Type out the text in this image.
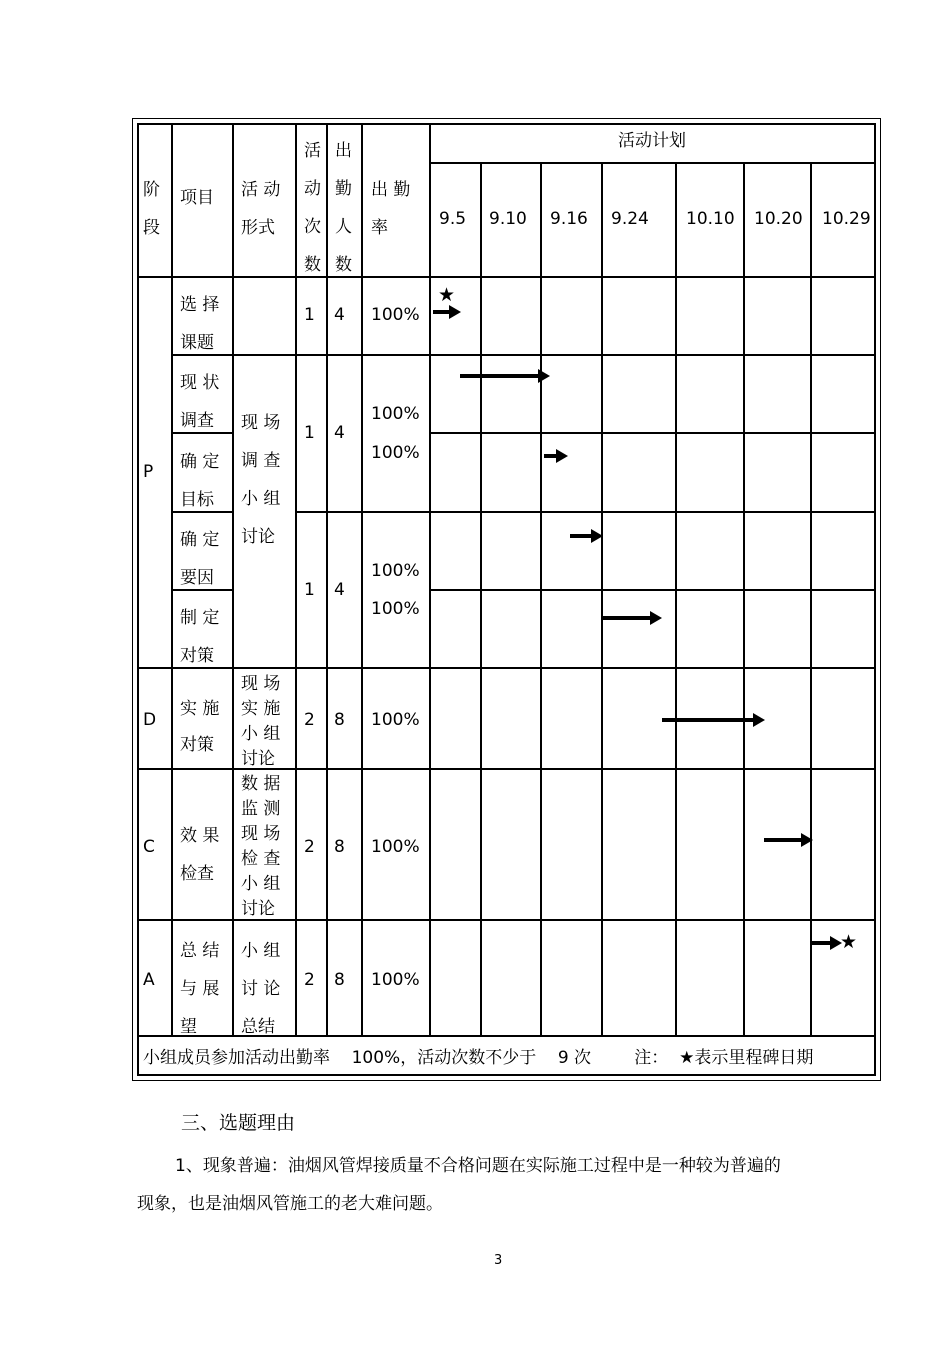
阶
段
项目 活 动
形式
活
动
次
数
出
勤
人
数
出 勤
率
活动计划
9.5 9.10 9.16 9.24 10.10 10.20 10.29
P
D
C
A
选 择
课题
现 状
调查
确 定
目标
确 定
要因
制 定
对策
实 施
对策
效 果
检查
总 结
与 展
望
现 场
调 查
小 组
讨论
现 场
实 施
小 组
讨论
数 据
监 测
现 场
检 查
小 组
讨论
小 组
讨 论
总结
1
1
1
2
2
2
4
4
4
8
8
8
100%
100%
100%
100%
100%
100%
100%
100%
★
★
小组成员参加活动出勤率    100%，活动次数不少于    9 次        注：  ★表示里程碑日期
三、选题理由
1、现象普遍：油烟风管焊接质量不合格问题在实际施工过程中是一种较为普遍的
现象，也是油烟风管施工的老大难问题。
3
